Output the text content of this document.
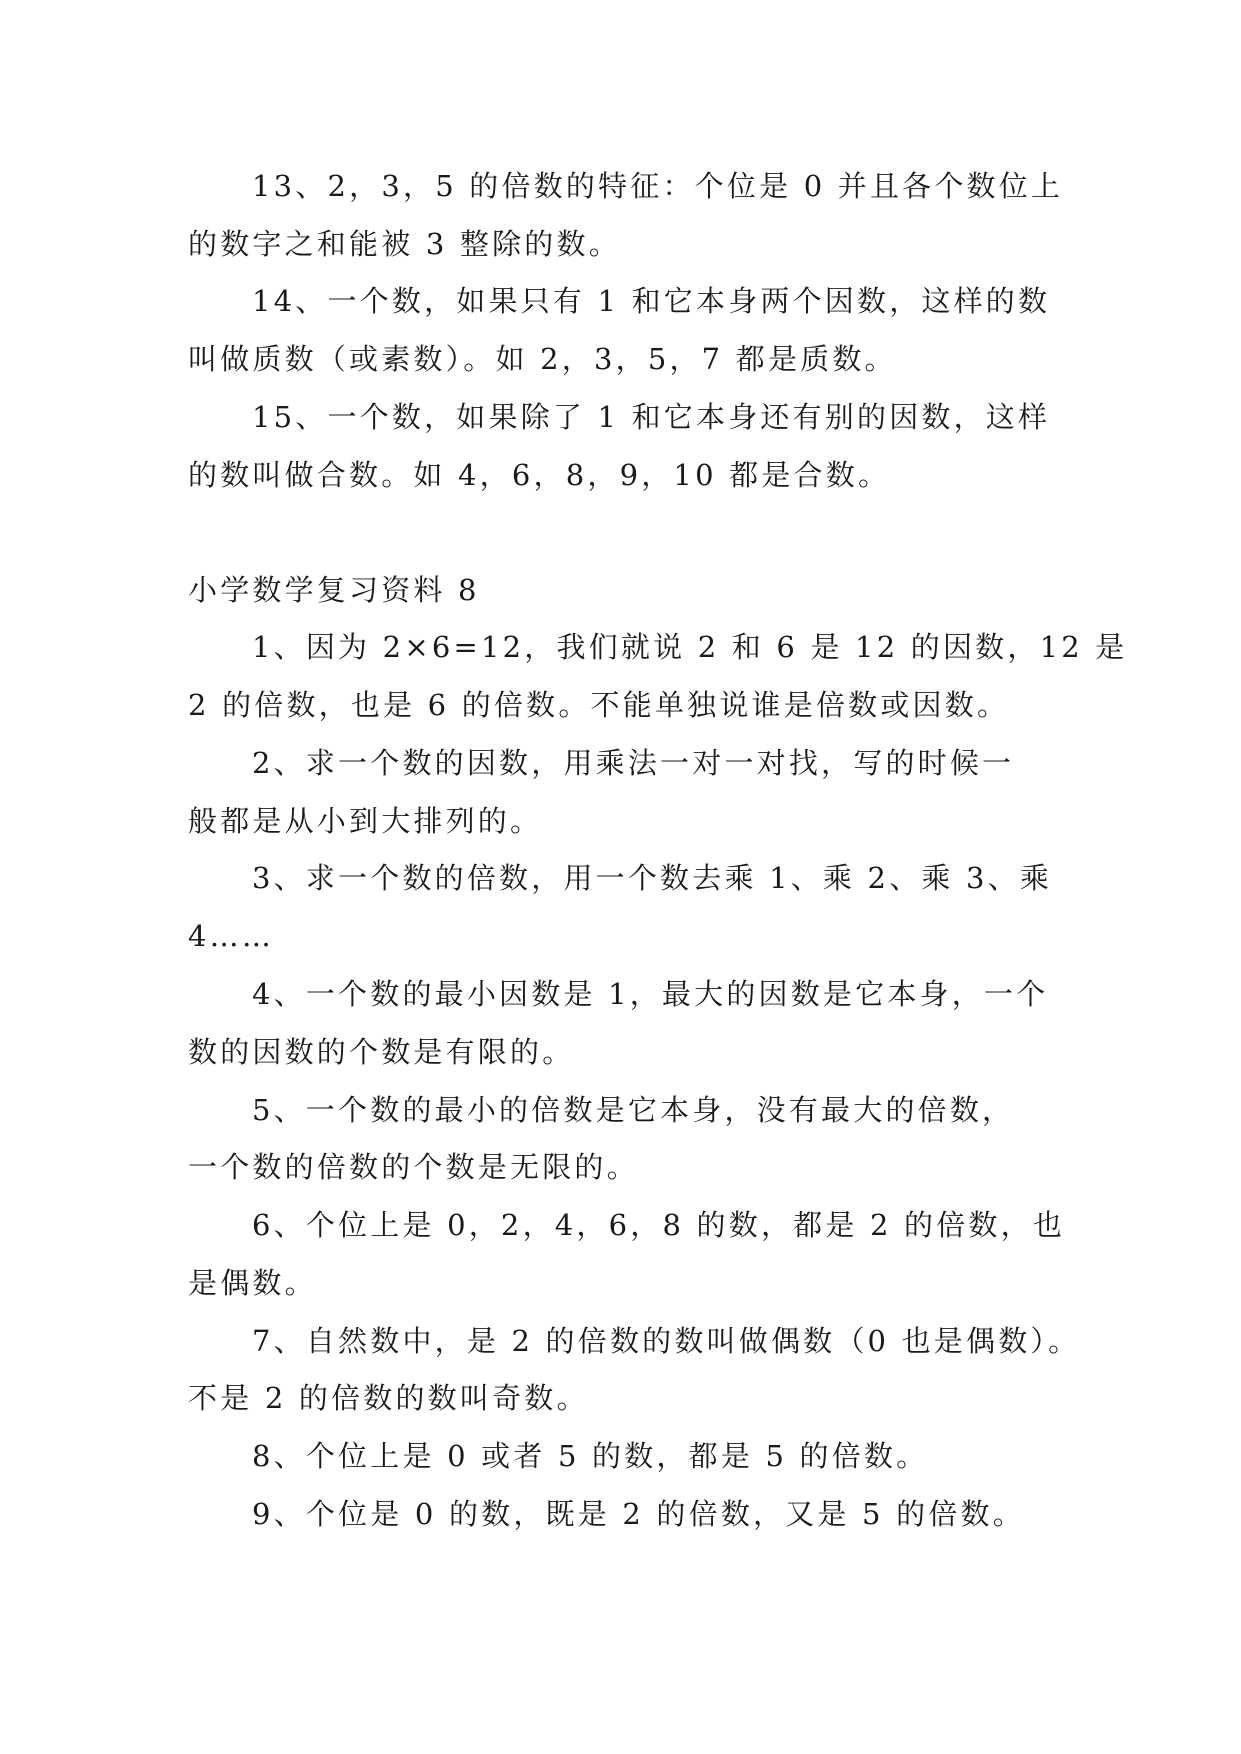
13、2，3，5 的倍数的特征：个位是 0 并且各个数位上
的数字之和能被 3 整除的数。
14、一个数，如果只有 1 和它本身两个因数，这样的数
叫做质数（或素数）。如 2，3，5，7 都是质数。
15、一个数，如果除了 1 和它本身还有别的因数，这样
的数叫做合数。如 4，6，8，9，10 都是合数。
小学数学复习资料 8
1、因为 2×6=12，我们就说 2 和 6 是 12 的因数，12 是
2 的倍数，也是 6 的倍数。不能单独说谁是倍数或因数。
2、求一个数的因数，用乘法一对一对找，写的时候一
般都是从小到大排列的。
3、求一个数的倍数，用一个数去乘 1、乘 2、乘 3、乘
4……
4、一个数的最小因数是 1，最大的因数是它本身，一个
数的因数的个数是有限的。
5、一个数的最小的倍数是它本身，没有最大的倍数，
一个数的倍数的个数是无限的。
6、个位上是 0，2，4，6，8 的数，都是 2 的倍数，也
是偶数。
7、自然数中，是 2 的倍数的数叫做偶数（0 也是偶数）。
不是 2 的倍数的数叫奇数。
8、个位上是 0 或者 5 的数，都是 5 的倍数。
9、个位是 0 的数，既是 2 的倍数，又是 5 的倍数。
